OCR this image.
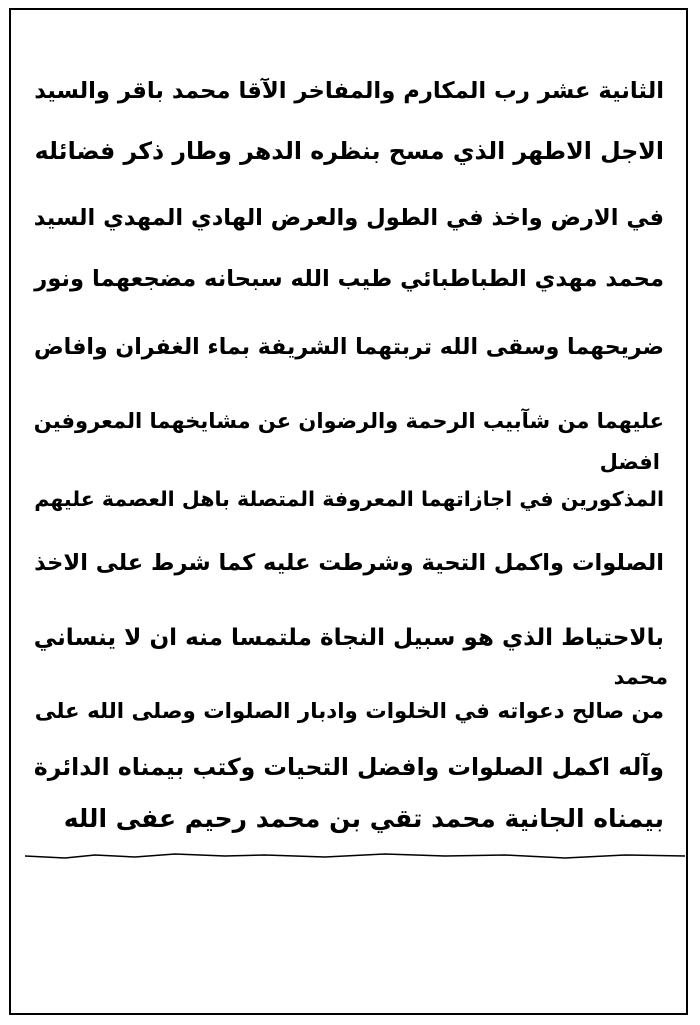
الثانية عشر رب المكارم والمفاخر الآقا محمد باقر والسيد
الاجل الاطهر الذي مسح بنظره الدهر وطار ذكر فضائله
في الارض واخذ في الطول والعرض الهادي المهدي السيد
محمد مهدي الطباطبائي طيب الله سبحانه مضجعهما ونور
ضريحهما وسقى الله تربتهما الشريفة بماء الغفران وافاض
عليهما من شآبيب الرحمة والرضوان عن مشايخهما المعروفين
افضل
المذكورين في اجازاتهما المعروفة المتصلة باهل العصمة عليهم
الصلوات واكمل التحية وشرطت عليه كما شرط على الاخذ
بالاحتياط الذي هو سبيل النجاة ملتمسا منه ان لا ينساني
محمد
من صالح دعواته في الخلوات وادبار الصلوات وصلى الله على
وآله اكمل الصلوات وافضل التحيات وكتب بيمناه الدائرة
بيمناه الجانية محمد تقي بن محمد رحيم عفى الله
